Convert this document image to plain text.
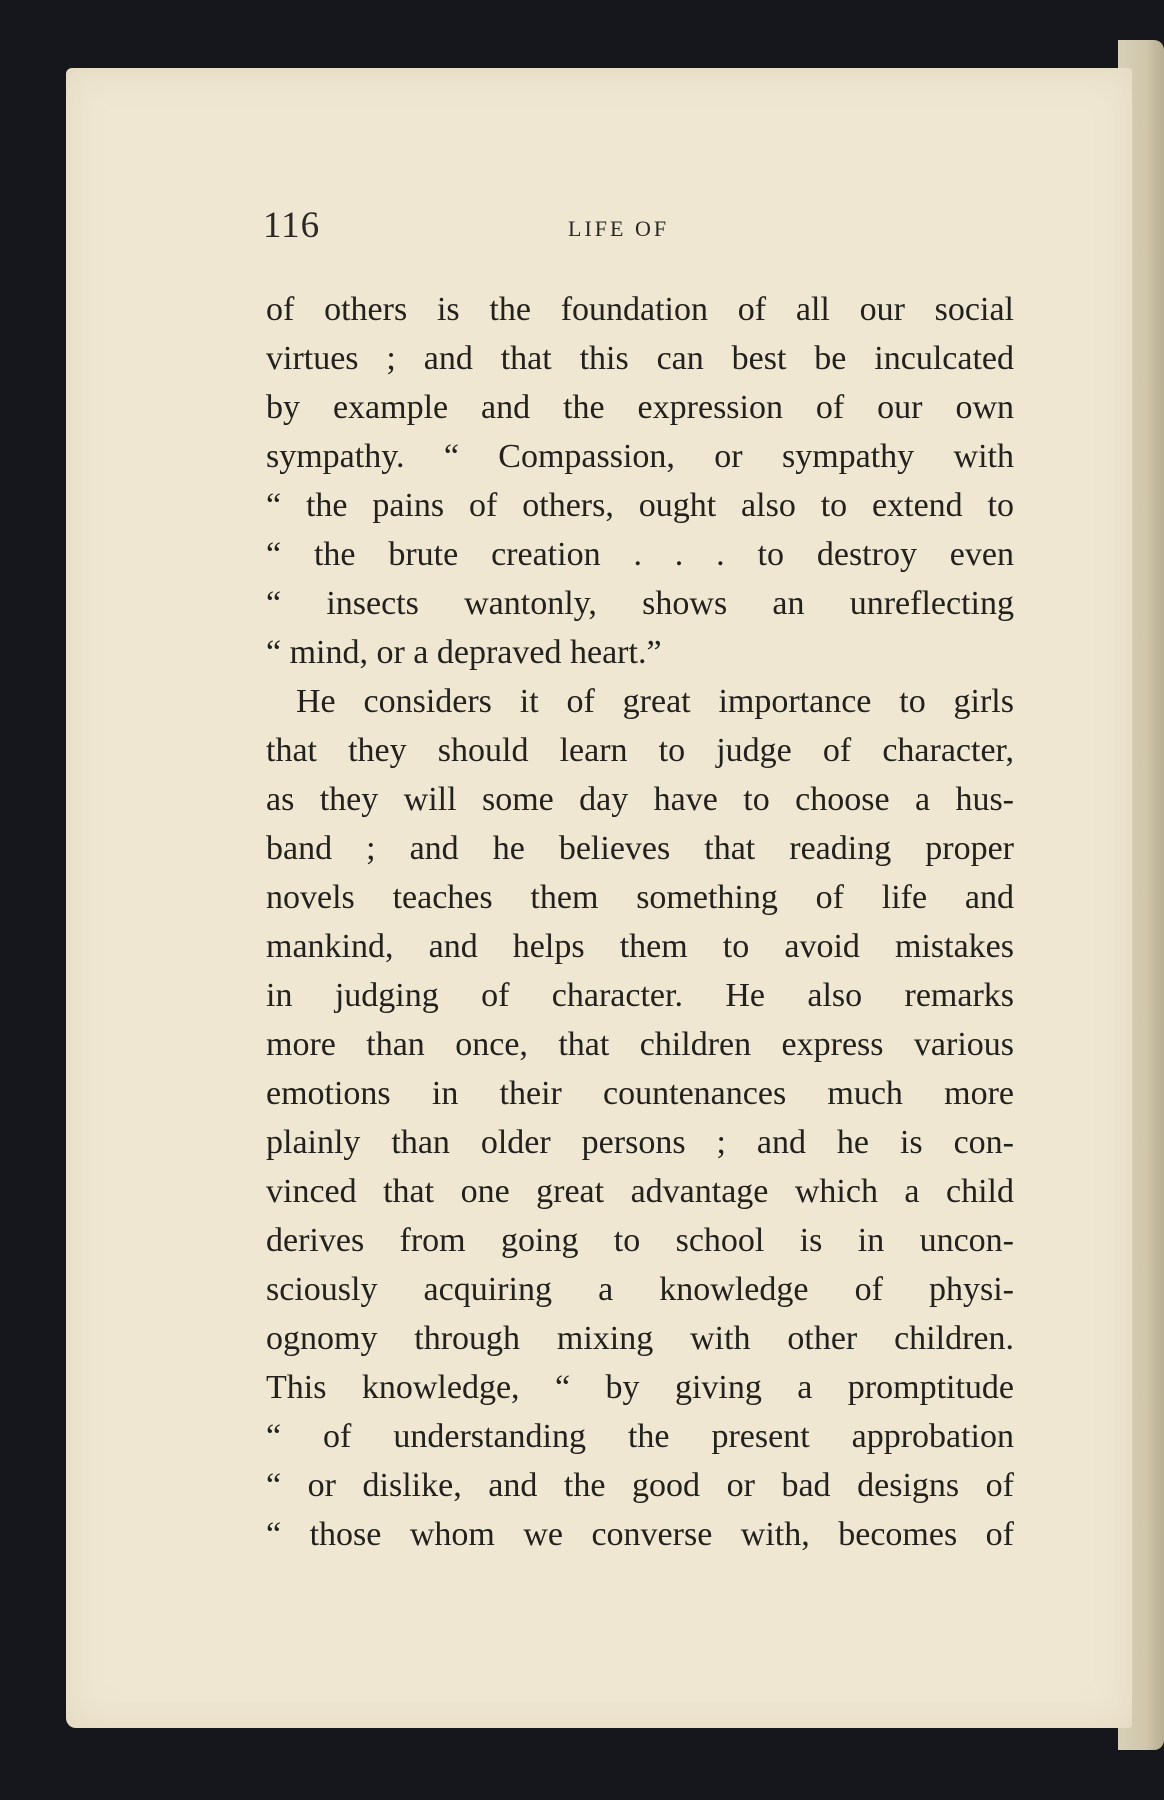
116	LIFE OF
of others is the foundation of all our social
virtues ; and that this can best be inculcated
by example and the expression of our own
sympathy. “ Compassion, or sympathy with
“ the pains of others, ought also to extend to
“ the brute creation . . . to destroy even
“ insects wantonly, shows an unreflecting
“ mind, or a depraved heart.”
He considers it of great importance to girls
that they should learn to judge of character,
as they will some day have to choose a hus-
band ; and he believes that reading proper
novels teaches them something of life and
mankind, and helps them to avoid mistakes
in judging of character. He also remarks
more than once, that children express various
emotions in their countenances much more
plainly than older persons ; and he is con-
vinced that one great advantage which a child
derives from going to school is in uncon-
sciously acquiring a knowledge of physi-
ognomy through mixing with other children.
This knowledge, “ by giving a promptitude
“ of understanding the present approbation
“ or dislike, and the good or bad designs of
“ those whom we converse with, becomes of
